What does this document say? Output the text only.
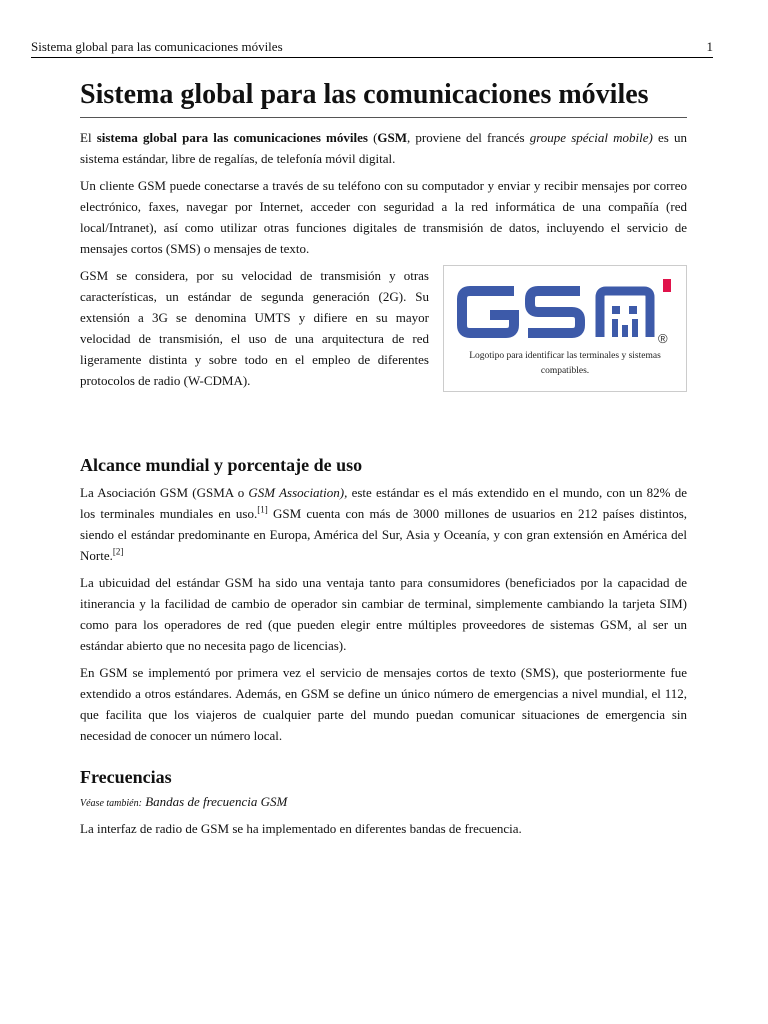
Sistema global para las comunicaciones móviles	1
Sistema global para las comunicaciones móviles

El sistema global para las comunicaciones móviles (GSM, proviene del francés groupe spécial mobile) es un sistema estándar, libre de regalías, de telefonía móvil digital.

Un cliente GSM puede conectarse a través de su teléfono con su computador y enviar y recibir mensajes por correo electrónico, faxes, navegar por Internet, acceder con seguridad a la red informática de una compañía (red local/Intranet), así como utilizar otras funciones digitales de transmisión de datos, incluyendo el servicio de mensajes cortos (SMS) o mensajes de texto.

®
Logotipo para identificar las terminales y sistemas compatibles.

GSM se considera, por su velocidad de transmisión y otras características, un estándar de segunda generación (2G). Su extensión a 3G se denomina UMTS y difiere en su mayor velocidad de transmisión, el uso de una arquitectura de red ligeramente distinta y sobre todo en el empleo de diferentes protocolos de radio (W-CDMA).

Alcance mundial y porcentaje de uso

La Asociación GSM (GSMA o GSM Association), este estándar es el más extendido en el mundo, con un 82% de los terminales mundiales en uso.[1] GSM cuenta con más de 3000 millones de usuarios en 212 países distintos, siendo el estándar predominante en Europa, América del Sur, Asia y Oceanía, y con gran extensión en América del Norte.[2]

La ubicuidad del estándar GSM ha sido una ventaja tanto para consumidores (beneficiados por la capacidad de itinerancia y la facilidad de cambio de operador sin cambiar de terminal, simplemente cambiando la tarjeta SIM) como para los operadores de red (que pueden elegir entre múltiples proveedores de sistemas GSM, al ser un estándar abierto que no necesita pago de licencias).

En GSM se implementó por primera vez el servicio de mensajes cortos de texto (SMS), que posteriormente fue extendido a otros estándares. Además, en GSM se define un único número de emergencias a nivel mundial, el 112, que facilita que los viajeros de cualquier parte del mundo puedan comunicar situaciones de emergencia sin necesidad de conocer un número local.

Frecuencias
Véase también: Bandas de frecuencia GSM

La interfaz de radio de GSM se ha implementado en diferentes bandas de frecuencia.
